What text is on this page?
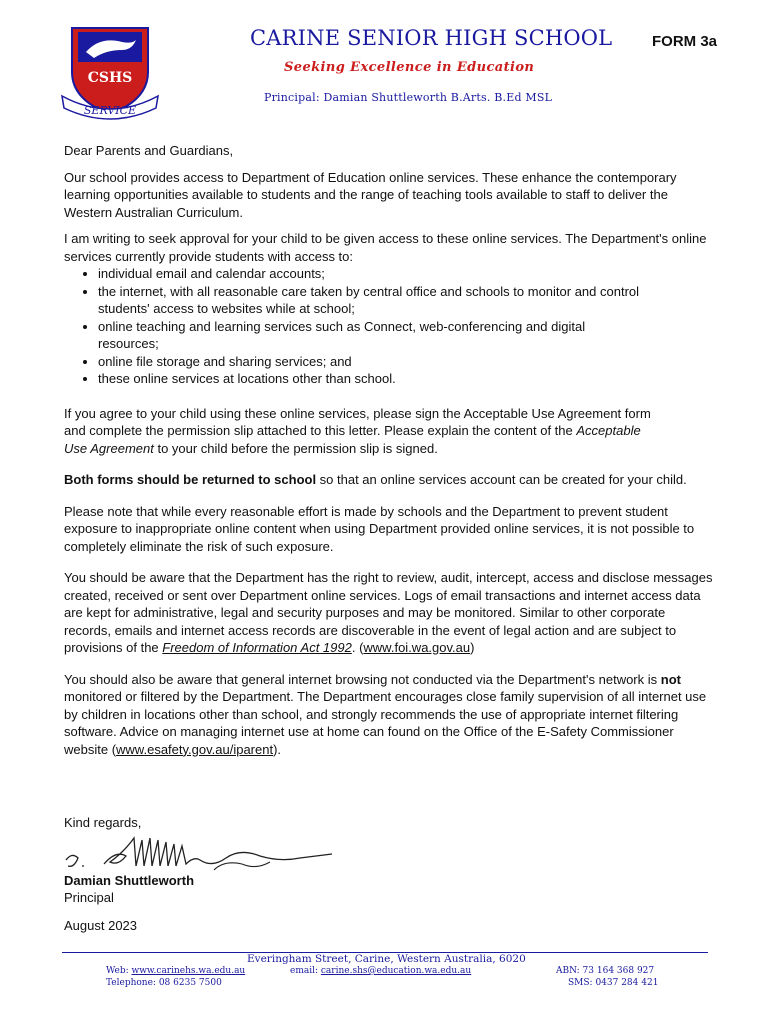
CSHS
SERVICE
CARINE SENIOR HIGH SCHOOL	FORM 3a
Seeking Excellence in Education
Principal: Damian Shuttleworth B.Arts. B.Ed MSL

Dear Parents and Guardians,

Our school provides access to Department of Education online services. These enhance the contemporary learning opportunities available to students and the range of teaching tools available to staff to deliver the Western Australian Curriculum.

I am writing to seek approval for your child to be given access to these online services. The Department's online services currently provide students with access to:

• individual email and calendar accounts;
• the internet, with all reasonable care taken by central office and schools to monitor and control students' access to websites while at school;
• online teaching and learning services such as Connect, web-conferencing and digital resources;
• online file storage and sharing services; and
• these online services at locations other than school.

If you agree to your child using these online services, please sign the Acceptable Use Agreement form and complete the permission slip attached to this letter. Please explain the content of the Acceptable Use Agreement to your child before the permission slip is signed.

Both forms should be returned to school so that an online services account can be created for your child.

Please note that while every reasonable effort is made by schools and the Department to prevent student exposure to inappropriate online content when using Department provided online services, it is not possible to completely eliminate the risk of such exposure.

You should be aware that the Department has the right to review, audit, intercept, access and disclose messages created, received or sent over Department online services. Logs of email transactions and internet access data are kept for administrative, legal and security purposes and may be monitored. Similar to other corporate records, emails and internet access records are discoverable in the event of legal action and are subject to provisions of the Freedom of Information Act 1992. (www.foi.wa.gov.au)

You should also be aware that general internet browsing not conducted via the Department's network is not monitored or filtered by the Department. The Department encourages close family supervision of all internet use by children in locations other than school, and strongly recommends the use of appropriate internet filtering software. Advice on managing internet use at home can found on the Office of the E-Safety Commissioner website (www.esafety.gov.au/iparent).

Kind regards,
Damian Shuttleworth
Principal
August 2023
Everingham Street, Carine, Western Australia, 6020
Web: www.carinehs.wa.edu.au	email: carine.shs@education.wa.edu.au	ABN: 73 164 368 927
Telephone: 08 6235 7500	SMS: 0437 284 421
